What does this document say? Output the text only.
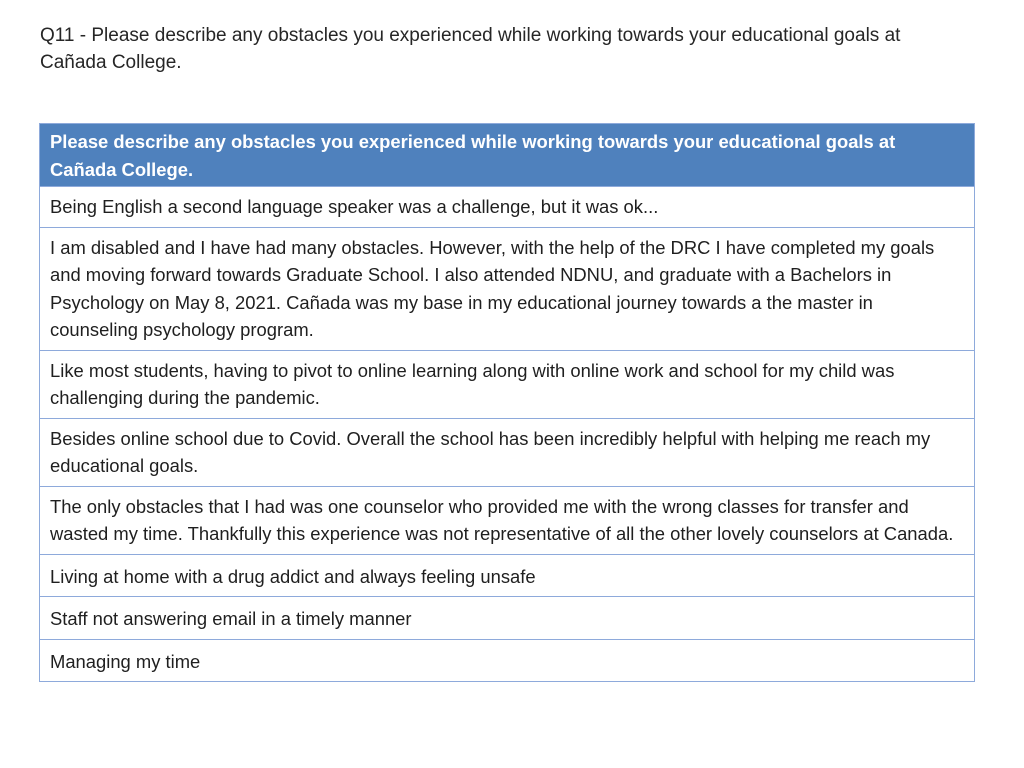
Q11 - Please describe any obstacles you experienced while working towards your educational goals at Cañada College.
Please describe any obstacles you experienced while working towards your educational goals at Cañada College.
Being English a second language speaker was a challenge, but it was ok...
I am disabled and I have had many obstacles. However, with the help of the DRC I have completed my goals and moving forward towards Graduate School. I also attended NDNU, and graduate with a Bachelors in Psychology on May 8, 2021. Cañada was my base in my educational journey towards a the master in counseling psychology program.
Like most students, having to pivot to online learning along with online work and school for my child was challenging during the pandemic.
Besides online school due to Covid. Overall the school has been incredibly helpful with helping me reach my educational goals.
The only obstacles that I had was one counselor who provided me with the wrong classes for transfer and wasted my time. Thankfully this experience was not representative of all the other lovely counselors at Canada.
Living at home with a drug addict and always feeling unsafe
Staff not answering email in a timely manner
Managing my time
